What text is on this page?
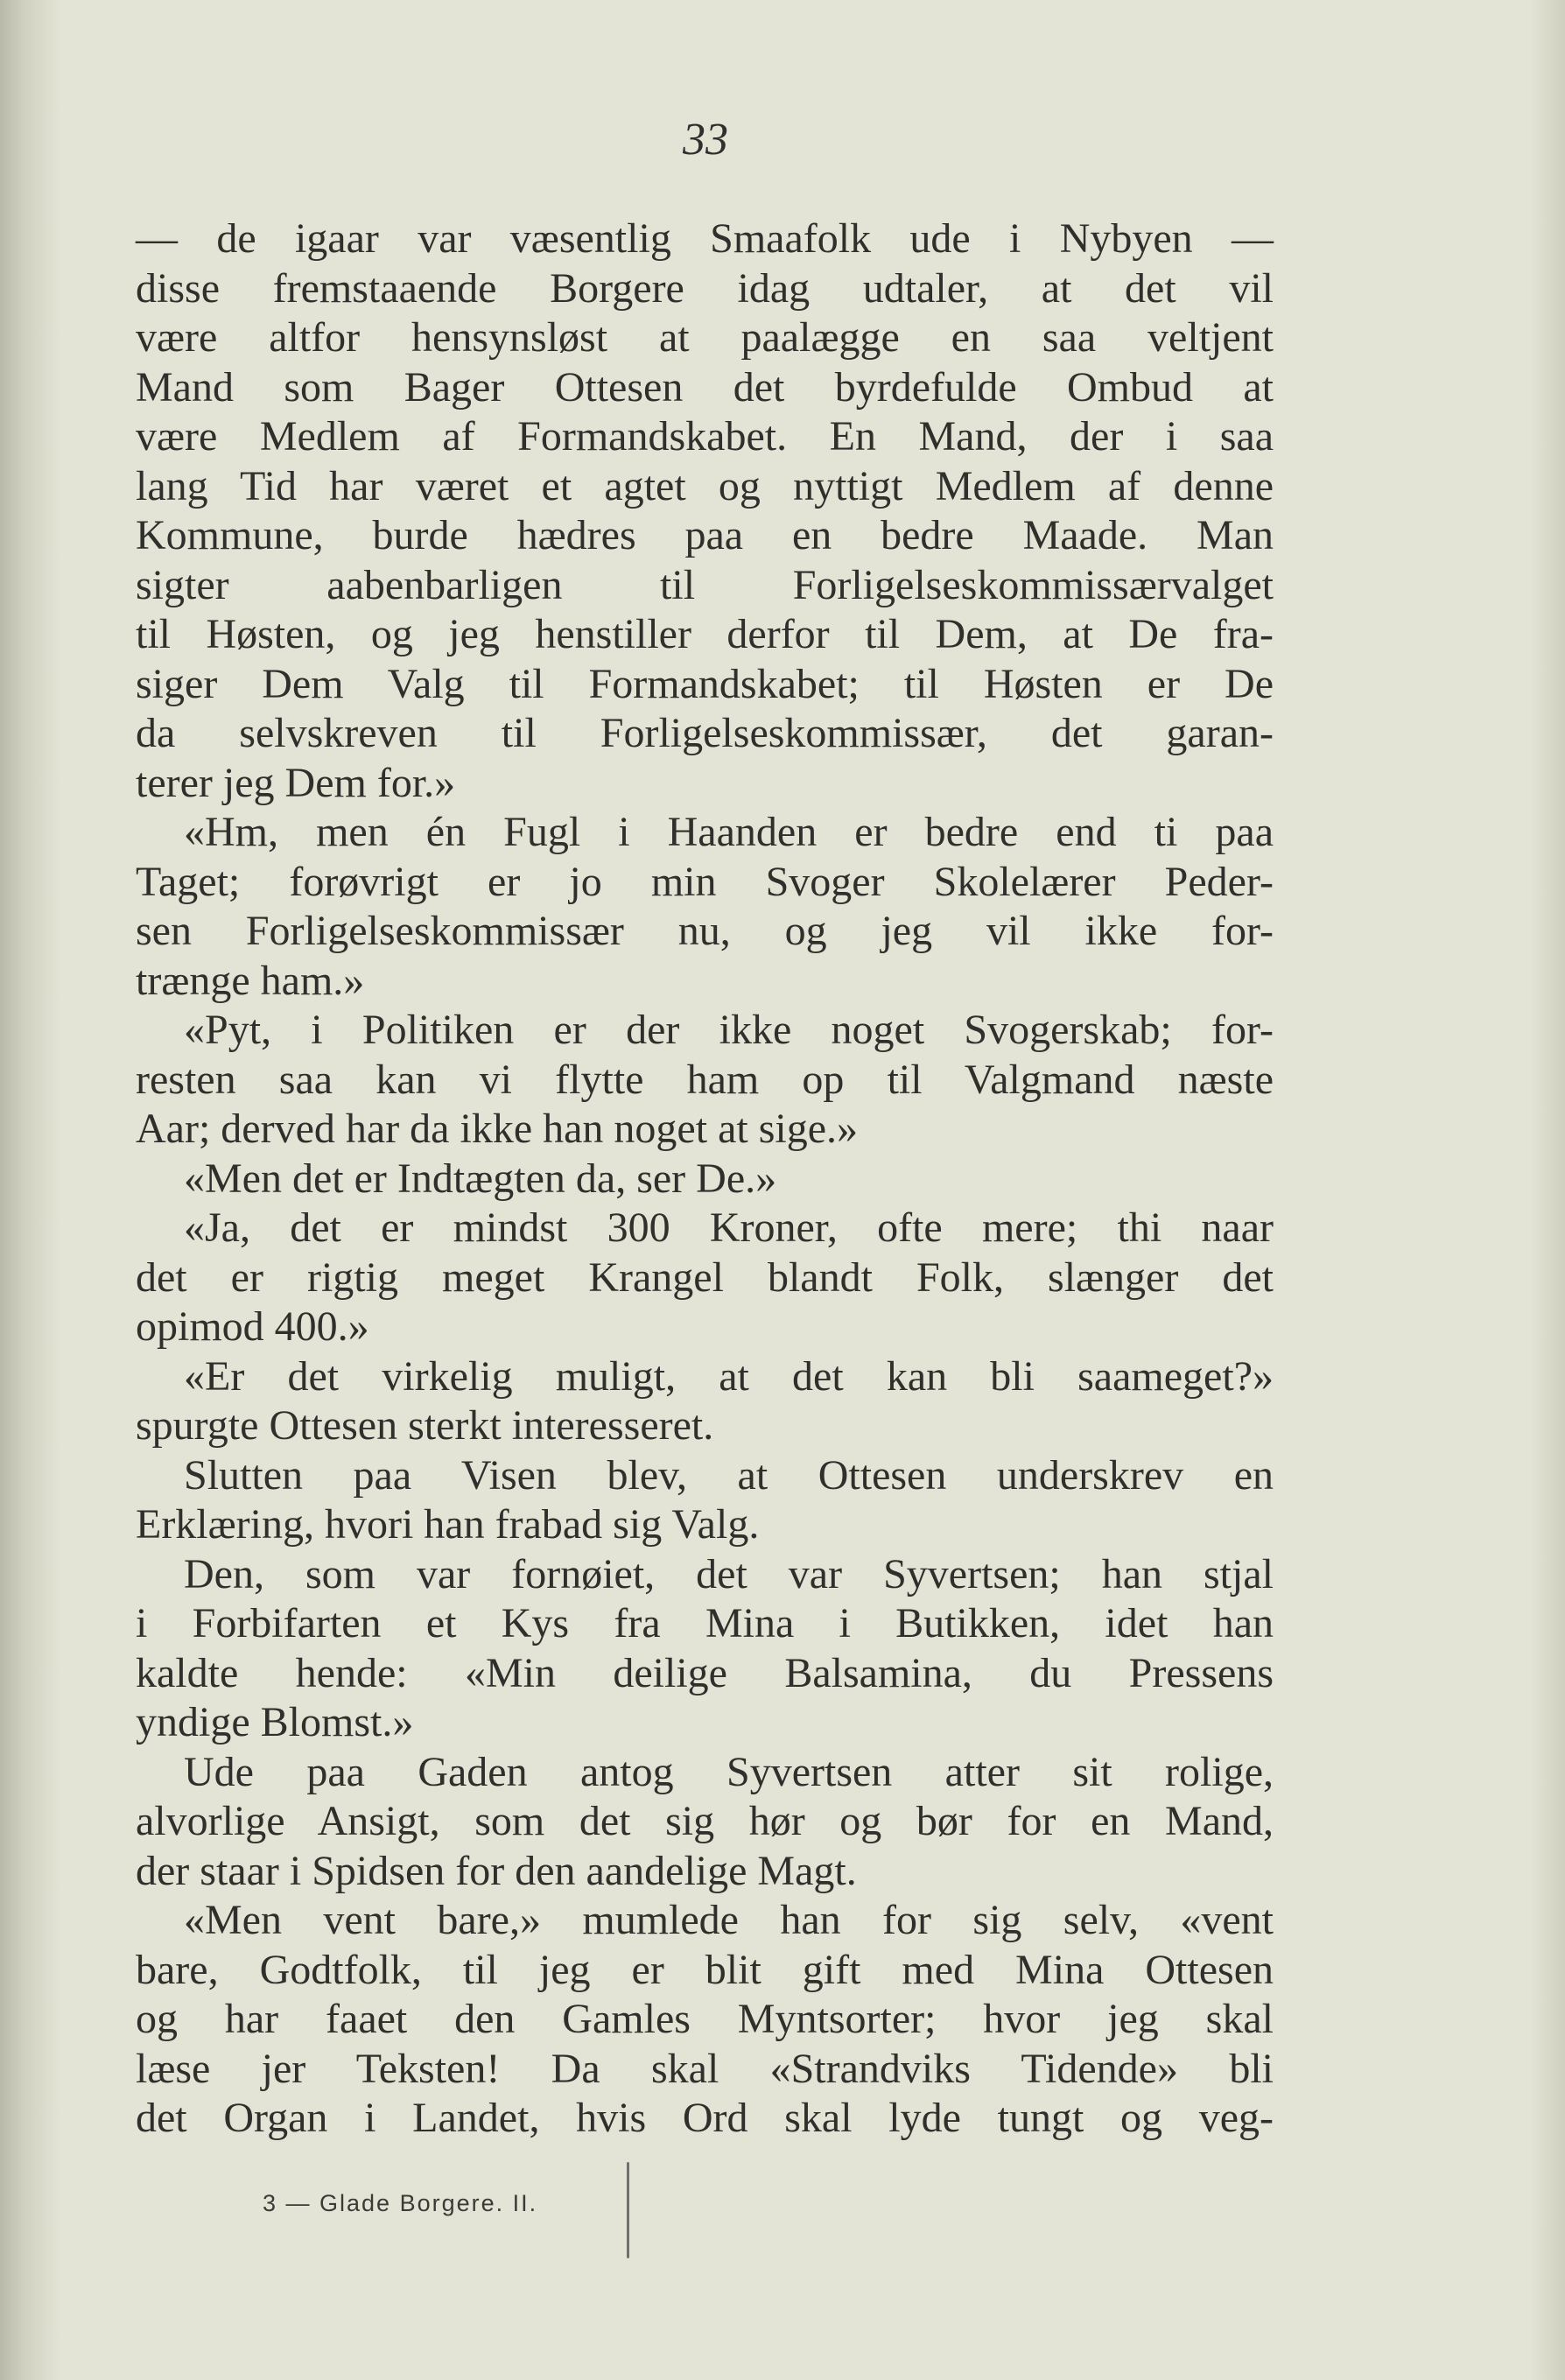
33
— de igaar var væsentlig Smaafolk ude i Nybyen —
disse fremstaaende Borgere idag udtaler, at det vil
være altfor hensynsløst at paalægge en saa veltjent
Mand som Bager Ottesen det byrdefulde Ombud at
være Medlem af Formandskabet. En Mand, der i saa
lang Tid har været et agtet og nyttigt Medlem af denne
Kommune, burde hædres paa en bedre Maade. Man
sigter aabenbarligen til Forligelseskommissærvalget
til Høsten, og jeg henstiller derfor til Dem, at De fra-
siger Dem Valg til Formandskabet; til Høsten er De
da selvskreven til Forligelseskommissær, det garan-
terer jeg Dem for.»
«Hm, men én Fugl i Haanden er bedre end ti paa
Taget; forøvrigt er jo min Svoger Skolelærer Peder-
sen Forligelseskommissær nu, og jeg vil ikke for-
trænge ham.»
«Pyt, i Politiken er der ikke noget Svogerskab; for-
resten saa kan vi flytte ham op til Valgmand næste
Aar; derved har da ikke han noget at sige.»
«Men det er Indtægten da, ser De.»
«Ja, det er mindst 300 Kroner, ofte mere; thi naar
det er rigtig meget Krangel blandt Folk, slænger det
opimod 400.»
«Er det virkelig muligt, at det kan bli saameget?»
spurgte Ottesen sterkt interesseret.
Slutten paa Visen blev, at Ottesen underskrev en
Erklæring, hvori han frabad sig Valg.
Den, som var fornøiet, det var Syvertsen; han stjal
i Forbifarten et Kys fra Mina i Butikken, idet han
kaldte hende: «Min deilige Balsamina, du Pressens
yndige Blomst.»
Ude paa Gaden antog Syvertsen atter sit rolige,
alvorlige Ansigt, som det sig hør og bør for en Mand,
der staar i Spidsen for den aandelige Magt.
«Men vent bare,» mumlede han for sig selv, «vent
bare, Godtfolk, til jeg er blit gift med Mina Ottesen
og har faaet den Gamles Myntsorter; hvor jeg skal
læse jer Teksten! Da skal «Strandviks Tidende» bli
det Organ i Landet, hvis Ord skal lyde tungt og veg-
3 — Glade Borgere. II.
